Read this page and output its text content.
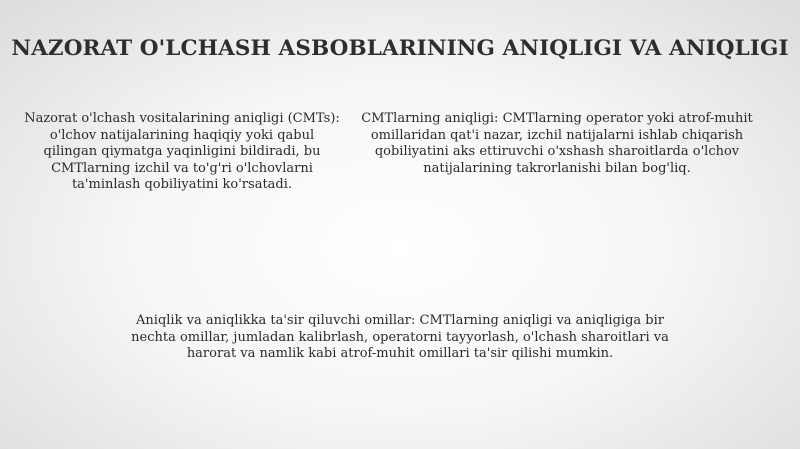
NAZORAT O'LCHASH ASBOBLARINING ANIQLIGI VA ANIQLIGI
Nazorat o'lchash vositalarining aniqligi (CMTs): o'lchov natijalarining haqiqiy yoki qabul qilingan qiymatga yaqinligini bildiradi, bu CMTlarning izchil va to'g'ri o'lchovlarni ta'minlash qobiliyatini ko'rsatadi.
CMTlarning aniqligi: CMTlarning operator yoki atrof-muhit omillaridan qat'i nazar, izchil natijalarni ishlab chiqarish qobiliyatini aks ettiruvchi o'xshash sharoitlarda o'lchov natijalarining takrorlanishi bilan bog'liq.
Aniqlik va aniqlikka ta'sir qiluvchi omillar: CMTlarning aniqligi va aniqligiga bir nechta omillar, jumladan kalibrlash, operatorni tayyorlash, o'lchash sharoitlari va harorat va namlik kabi atrof-muhit omillari ta'sir qilishi mumkin.
